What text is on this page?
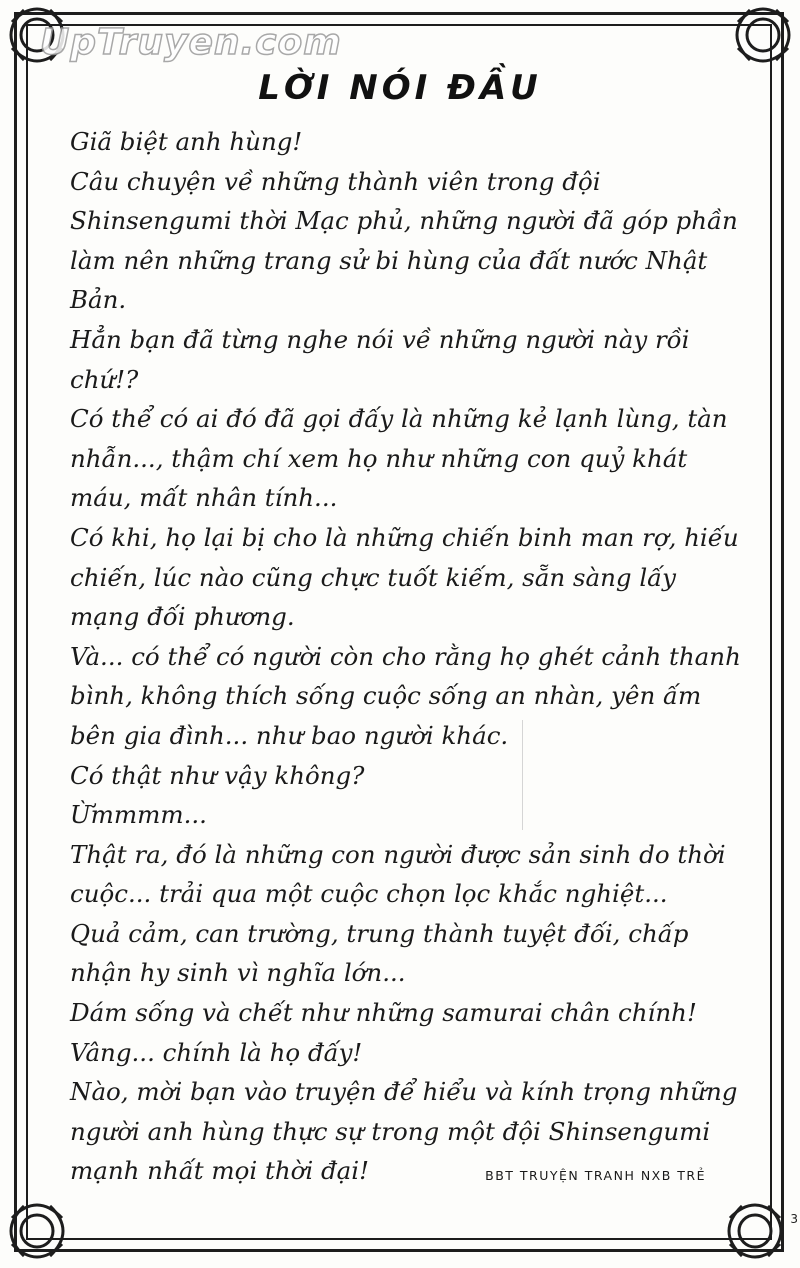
UpTruyen.com
LỜI NÓI ĐẦU

Giã biệt anh hùng!

Câu chuyện về những thành viên trong đội Shinsengumi thời Mạc phủ, những người đã góp phần làm nên những trang sử bi hùng của đất nước Nhật Bản.

Hẳn bạn đã từng nghe nói về những người này rồi chứ!?

Có thể có ai đó đã gọi đấy là những kẻ lạnh lùng, tàn nhẫn..., thậm chí xem họ như những con quỷ khát máu, mất nhân tính...

Có khi, họ lại bị cho là những chiến binh man rợ, hiếu chiến, lúc nào cũng chực tuốt kiếm, sẵn sàng lấy mạng đối phương.

Và... có thể có người còn cho rằng họ ghét cảnh thanh bình, không thích sống cuộc sống an nhàn, yên ấm bên gia đình... như bao người khác.

Có thật như vậy không?

Ừmmmm...

Thật ra, đó là những con người được sản sinh do thời cuộc... trải qua một cuộc chọn lọc khắc nghiệt...

Quả cảm, can trường, trung thành tuyệt đối, chấp nhận hy sinh vì nghĩa lớn...

Dám sống và chết như những samurai chân chính!

Vâng... chính là họ đấy!

Nào, mời bạn vào truyện để hiểu và kính trọng những người anh hùng thực sự trong một đội Shinsengumi mạnh nhất mọi thời đại!	BBT TRUYỆN TRANH NXB TRẺ
3
